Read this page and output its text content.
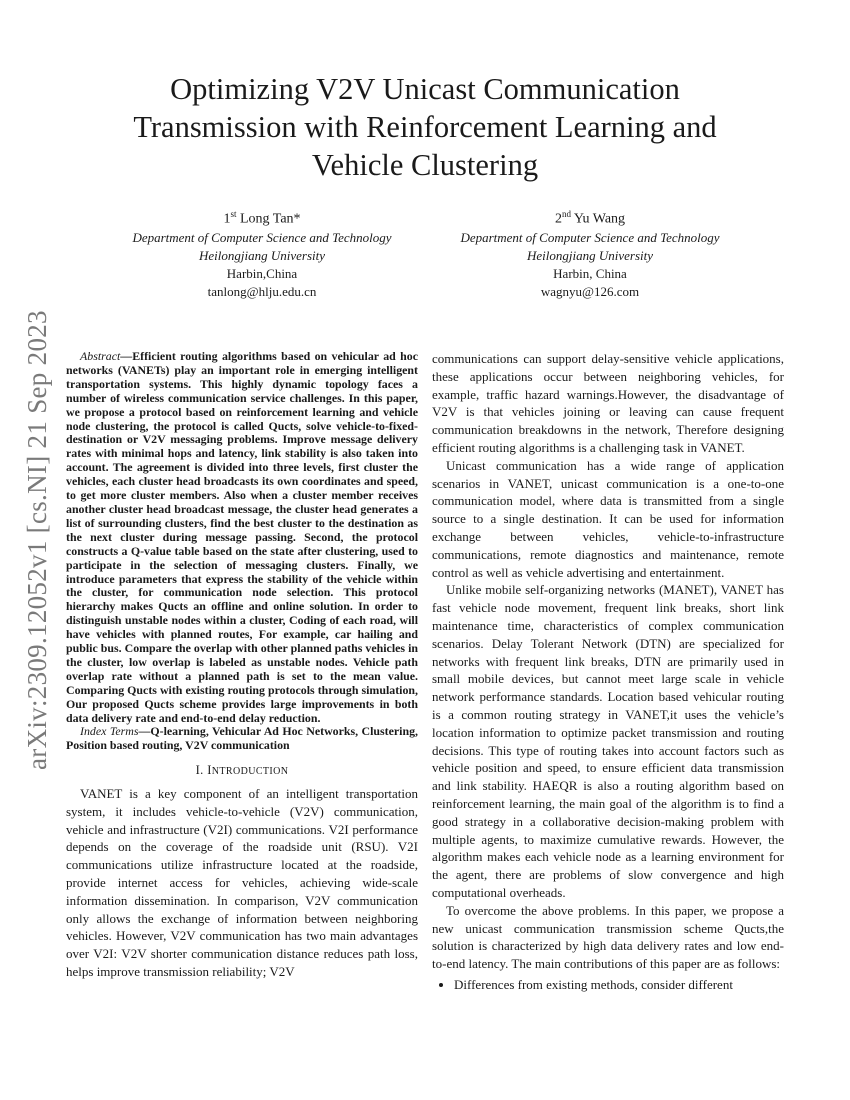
arXiv:2309.12052v1 [cs.NI] 21 Sep 2023
Optimizing V2V Unicast Communication Transmission with Reinforcement Learning and Vehicle Clustering
1st Long Tan*
Department of Computer Science and Technology
Heilongjiang University
Harbin,China
tanlong@hlju.edu.cn
2nd Yu Wang
Department of Computer Science and Technology
Heilongjiang University
Harbin, China
wagnyu@126.com

Abstract—Efficient routing algorithms based on vehicular ad hoc networks (VANETs) play an important role in emerging intelligent transportation systems. This highly dynamic topology faces a number of wireless communication service challenges. In this paper, we propose a protocol based on reinforcement learning and vehicle node clustering, the protocol is called Qucts, solve vehicle-to-fixed-destination or V2V messaging problems. Improve message delivery rates with minimal hops and latency, link stability is also taken into account. The agreement is divided into three levels, first cluster the vehicles, each cluster head broadcasts its own coordinates and speed, to get more cluster members. Also when a cluster member receives another cluster head broadcast message, the cluster head generates a list of surrounding clusters, find the best cluster to the destination as the next cluster during message passing. Second, the protocol constructs a Q-value table based on the state after clustering, used to participate in the selection of messaging clusters. Finally, we introduce parameters that express the stability of the vehicle within the cluster, for communication node selection. This protocol hierarchy makes Qucts an offline and online solution. In order to distinguish unstable nodes within a cluster, Coding of each road, will have vehicles with planned routes, For example, car hailing and public bus. Compare the overlap with other planned paths vehicles in the cluster, low overlap is labeled as unstable nodes. Vehicle path overlap rate without a planned path is set to the mean value. Comparing Qucts with existing routing protocols through simulation, Our proposed Qucts scheme provides large improvements in both data delivery rate and end-to-end delay reduction.

Index Terms—Q-learning, Vehicular Ad Hoc Networks, Clustering, Position based routing, V2V communication

I. INTRODUCTION

VANET is a key component of an intelligent transportation system, it includes vehicle-to-vehicle (V2V) communication, vehicle and infrastructure (V2I) communications. V2I performance depends on the coverage of the roadside unit (RSU). V2I communications utilize infrastructure located at the roadside, provide internet access for vehicles, achieving wide-scale information dissemination. In comparison, V2V communication only allows the exchange of information between neighboring vehicles. However, V2V communication has two main advantages over V2I: V2V shorter communication distance reduces path loss, helps improve transmission reliability; V2V

communications can support delay-sensitive vehicle applications, these applications occur between neighboring vehicles, for example, traffic hazard warnings.However, the disadvantage of V2V is that vehicles joining or leaving can cause frequent communication breakdowns in the network, Therefore designing efficient routing algorithms is a challenging task in VANET.

Unicast communication has a wide range of application scenarios in VANET, unicast communication is a one-to-one communication model, where data is transmitted from a single source to a single destination. It can be used for information exchange between vehicles, vehicle-to-infrastructure communications, remote diagnostics and maintenance, remote control as well as vehicle advertising and entertainment.

Unlike mobile self-organizing networks (MANET), VANET has fast vehicle node movement, frequent link breaks, short link maintenance time, characteristics of complex communication scenarios. Delay Tolerant Network (DTN) are specialized for networks with frequent link breaks, DTN are primarily used in small mobile devices, but cannot meet large scale in vehicle network performance standards. Location based vehicular routing is a common routing strategy in VANET,it uses the vehicle’s location information to optimize packet transmission and routing decisions. This type of routing takes into account factors such as vehicle position and speed, to ensure efficient data transmission and link stability. HAEQR is also a routing algorithm based on reinforcement learning, the main goal of the algorithm is to find a good strategy in a collaborative decision-making problem with multiple agents, to maximize cumulative rewards. However, the algorithm makes each vehicle node as a learning environment for the agent, there are problems of slow convergence and high computational overheads.

To overcome the above problems. In this paper, we propose a new unicast communication transmission scheme Qucts,the solution is characterized by high data delivery rates and low end-to-end latency. The main contributions of this paper are as follows:

• Differences from existing methods, consider different
